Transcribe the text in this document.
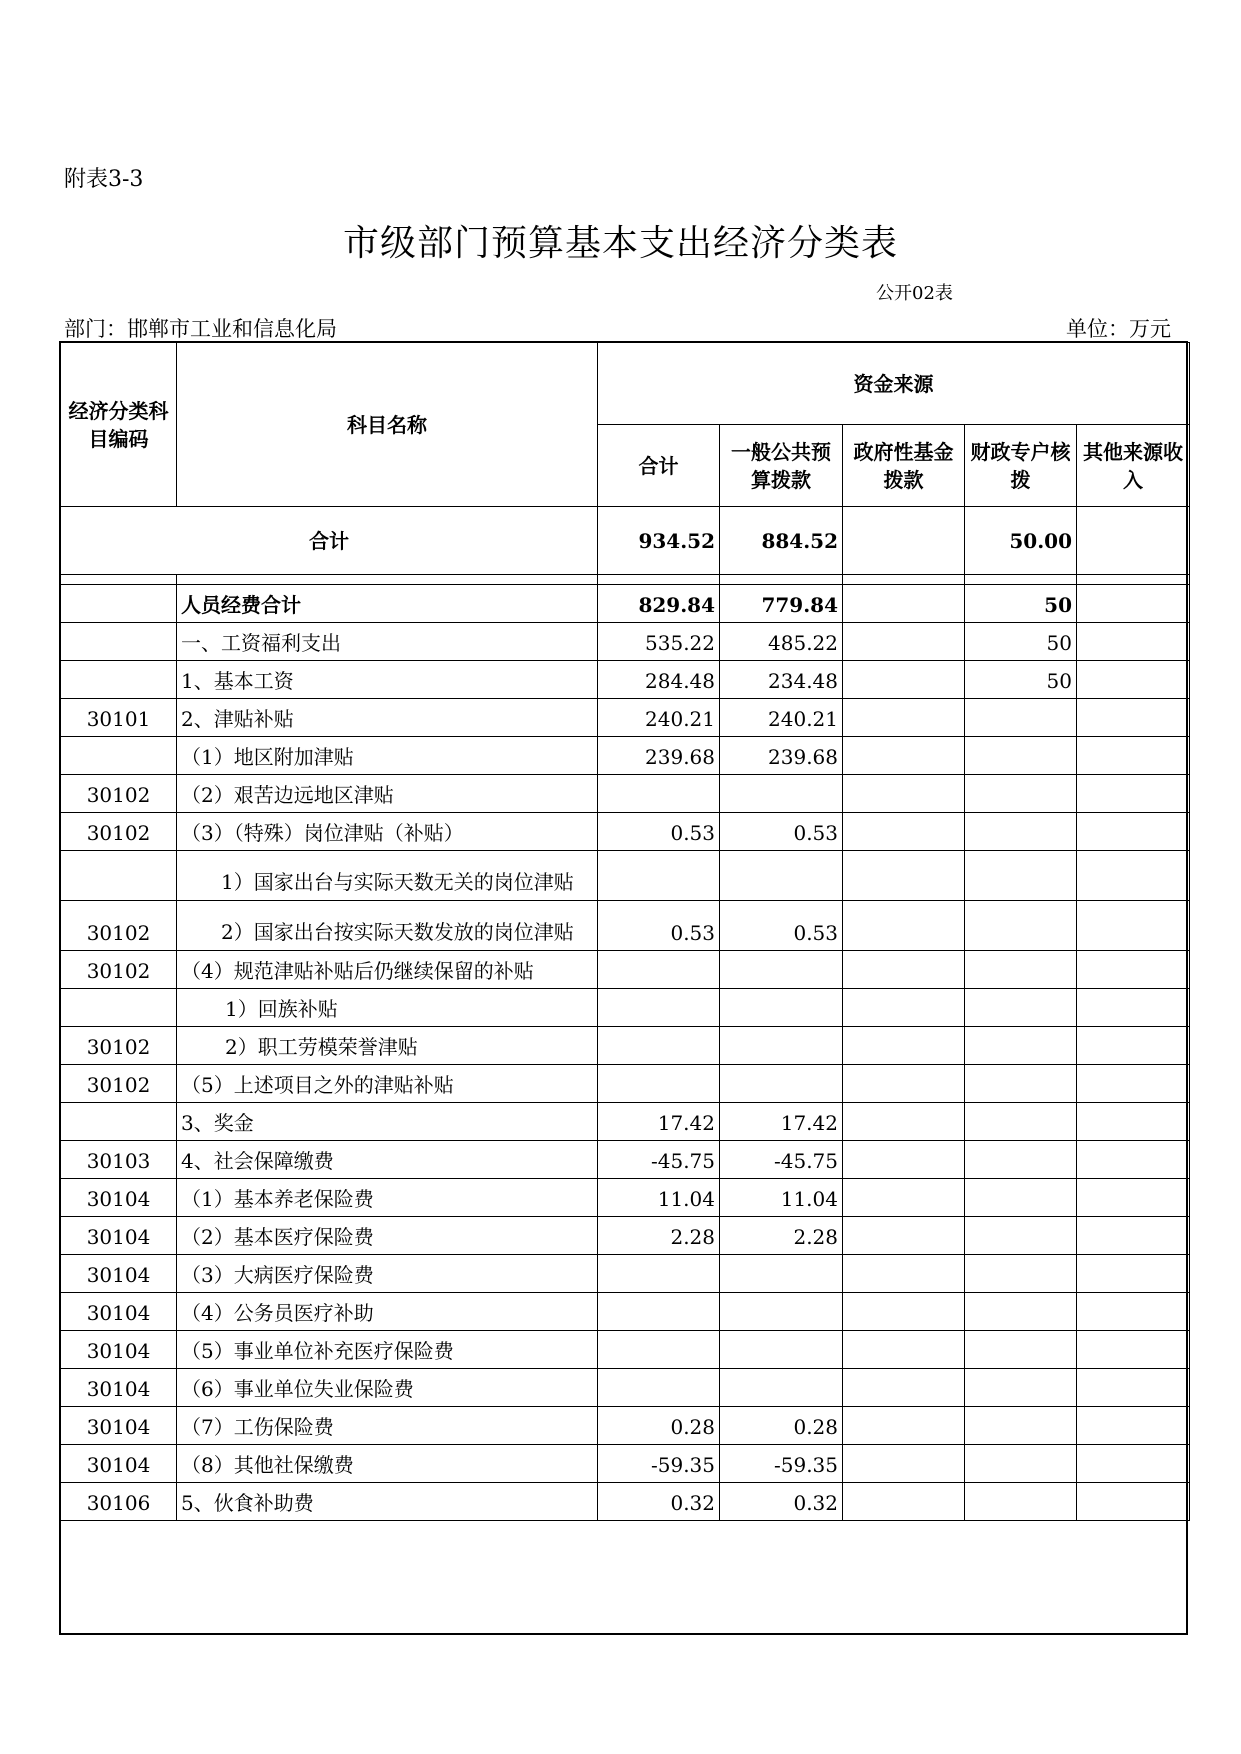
附表3-3
市级部门预算基本支出经济分类表
公开02表
部门：邯郸市工业和信息化局	单位：万元
经济分类科目编码	科目名称	资金来源				
		合计	一般公共预算拨款	政府性基金拨款	财政专户核拨	其他来源收入
合计		934.52	884.52		50.00	

	人员经费合计	829.84	779.84		50	
	一、工资福利支出	535.22	485.22		50	
	1、基本工资	284.48	234.48		50	
30101	2、津贴补贴	240.21	240.21			
	（1）地区附加津贴	239.68	239.68			
30102	（2）艰苦边远地区津贴					
30102	（3）（特殊）岗位津贴（补贴）	0.53	0.53			
	1）国家出台与实际天数无关的岗位津贴					
30102	2）国家出台按实际天数发放的岗位津贴	0.53	0.53			
30102	（4）规范津贴补贴后仍继续保留的补贴					
	1）回族补贴					
30102	2）职工劳模荣誉津贴					
30102	（5）上述项目之外的津贴补贴					
	3、奖金	17.42	17.42			
30103	4、社会保障缴费	-45.75	-45.75			
30104	（1）基本养老保险费	11.04	11.04			
30104	（2）基本医疗保险费	2.28	2.28			
30104	（3）大病医疗保险费					
30104	（4）公务员医疗补助					
30104	（5）事业单位补充医疗保险费					
30104	（6）事业单位失业保险费					
30104	（7）工伤保险费	0.28	0.28			
30104	（8）其他社保缴费	-59.35	-59.35			
30106	5、伙食补助费	0.32	0.32			
